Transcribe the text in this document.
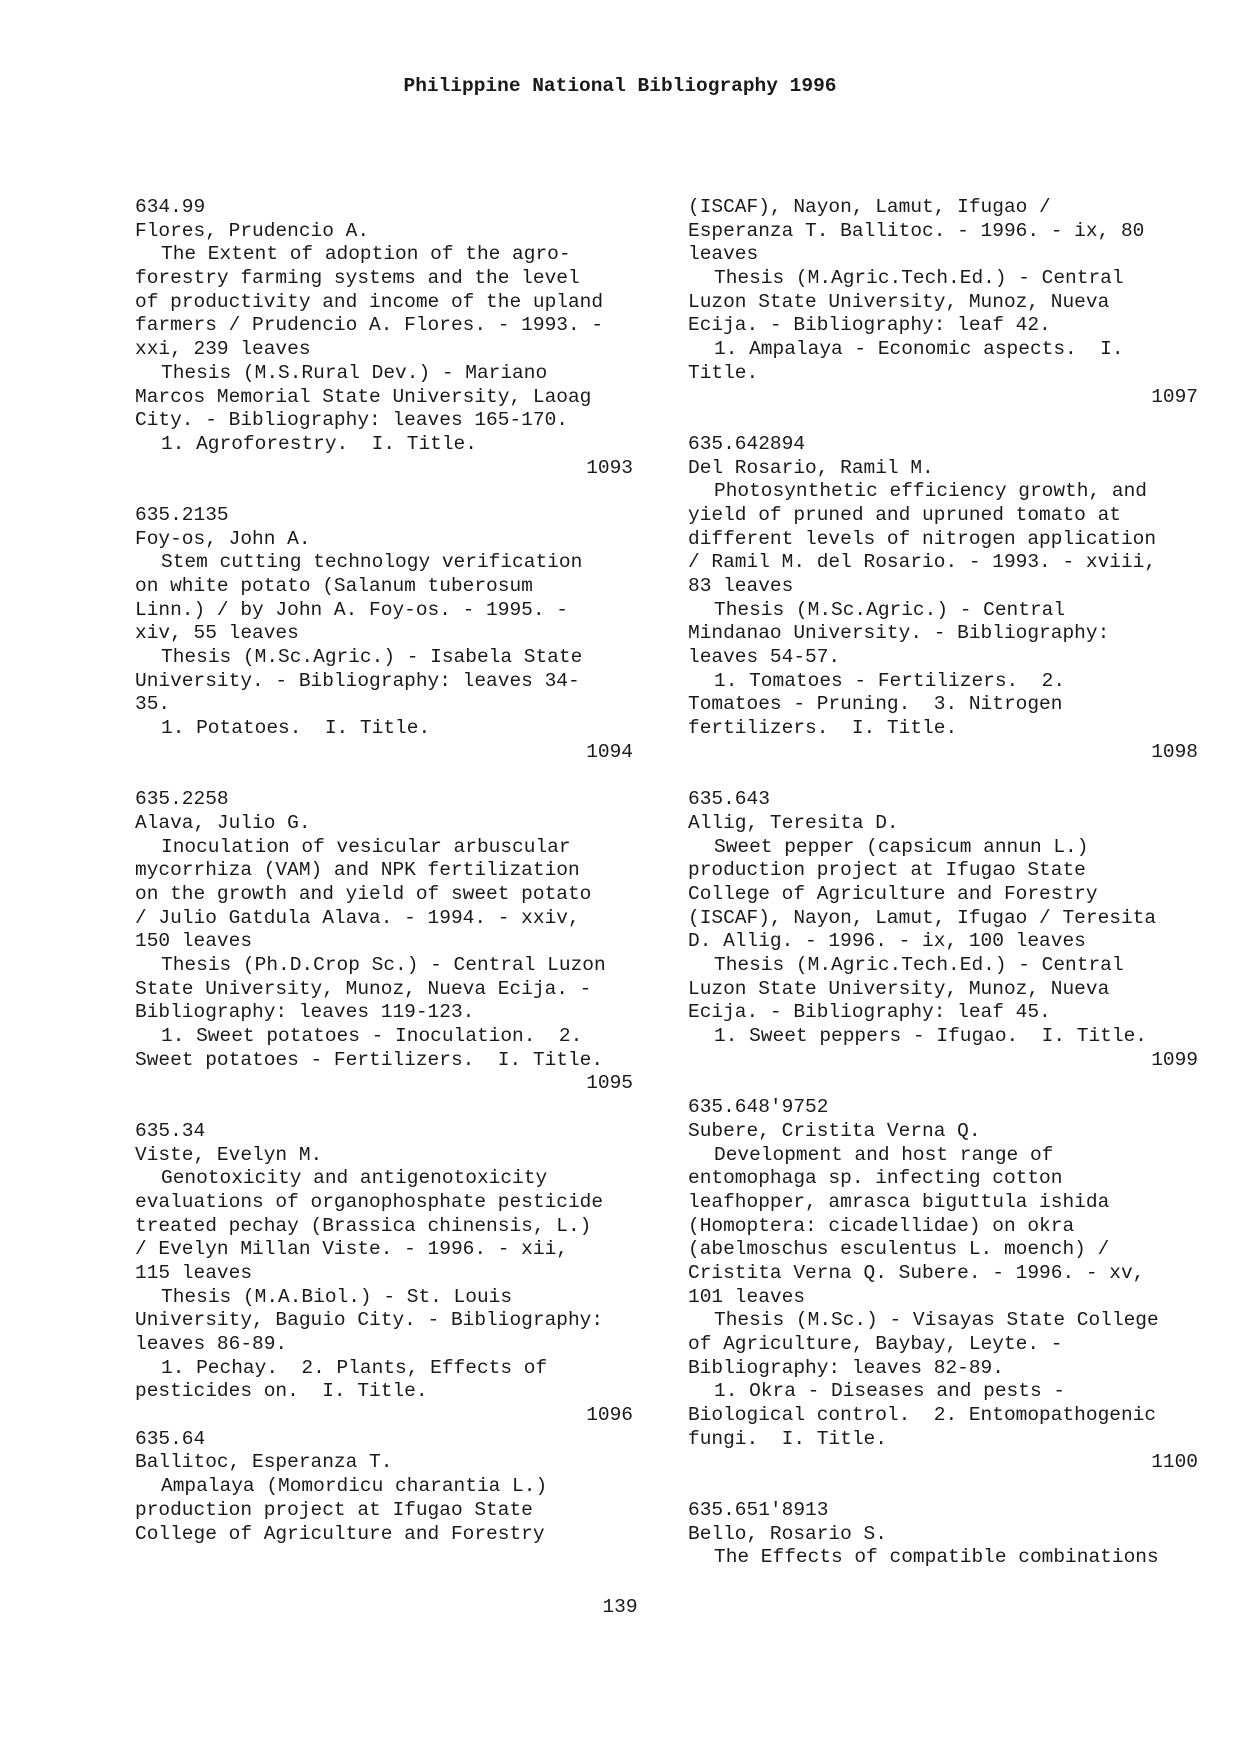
Philippine National Bibliography 1996
634.99
Flores, Prudencio A.
The Extent of adoption of the agro-
forestry farming systems and the level
of productivity and income of the upland
farmers / Prudencio A. Flores. - 1993. -
xxi, 239 leaves
Thesis (M.S.Rural Dev.) - Mariano
Marcos Memorial State University, Laoag
City. - Bibliography: leaves 165-170.
1. Agroforestry.  I. Title.
1093
635.2135
Foy-os, John A.
Stem cutting technology verification
on white potato (Salanum tuberosum
Linn.) / by John A. Foy-os. - 1995. -
xiv, 55 leaves
Thesis (M.Sc.Agric.) - Isabela State
University. - Bibliography: leaves 34-
35.
1. Potatoes.  I. Title.
1094
635.2258
Alava, Julio G.
Inoculation of vesicular arbuscular
mycorrhiza (VAM) and NPK fertilization
on the growth and yield of sweet potato
/ Julio Gatdula Alava. - 1994. - xxiv,
150 leaves
Thesis (Ph.D.Crop Sc.) - Central Luzon
State University, Munoz, Nueva Ecija. -
Bibliography: leaves 119-123.
1. Sweet potatoes - Inoculation.  2.
Sweet potatoes - Fertilizers.  I. Title.
1095
635.34
Viste, Evelyn M.
Genotoxicity and antigenotoxicity
evaluations of organophosphate pesticide
treated pechay (Brassica chinensis, L.)
/ Evelyn Millan Viste. - 1996. - xii,
115 leaves
Thesis (M.A.Biol.) - St. Louis
University, Baguio City. - Bibliography:
leaves 86-89.
1. Pechay.  2. Plants, Effects of
pesticides on.  I. Title.
1096
635.64
Ballitoc, Esperanza T.
Ampalaya (Momordicu charantia L.)
production project at Ifugao State
College of Agriculture and Forestry
(ISCAF), Nayon, Lamut, Ifugao /
Esperanza T. Ballitoc. - 1996. - ix, 80
leaves
Thesis (M.Agric.Tech.Ed.) - Central
Luzon State University, Munoz, Nueva
Ecija. - Bibliography: leaf 42.
1. Ampalaya - Economic aspects.  I.
Title.
1097
635.642894
Del Rosario, Ramil M.
Photosynthetic efficiency growth, and
yield of pruned and upruned tomato at
different levels of nitrogen application
/ Ramil M. del Rosario. - 1993. - xviii,
83 leaves
Thesis (M.Sc.Agric.) - Central
Mindanao University. - Bibliography:
leaves 54-57.
1. Tomatoes - Fertilizers.  2.
Tomatoes - Pruning.  3. Nitrogen
fertilizers.  I. Title.
1098
635.643
Allig, Teresita D.
Sweet pepper (capsicum annun L.)
production project at Ifugao State
College of Agriculture and Forestry
(ISCAF), Nayon, Lamut, Ifugao / Teresita
D. Allig. - 1996. - ix, 100 leaves
Thesis (M.Agric.Tech.Ed.) - Central
Luzon State University, Munoz, Nueva
Ecija. - Bibliography: leaf 45.
1. Sweet peppers - Ifugao.  I. Title.
1099
635.648'9752
Subere, Cristita Verna Q.
Development and host range of
entomophaga sp. infecting cotton
leafhopper, amrasca biguttula ishida
(Homoptera: cicadellidae) on okra
(abelmoschus esculentus L. moench) /
Cristita Verna Q. Subere. - 1996. - xv,
101 leaves
Thesis (M.Sc.) - Visayas State College
of Agriculture, Baybay, Leyte. -
Bibliography: leaves 82-89.
1. Okra - Diseases and pests -
Biological control.  2. Entomopathogenic
fungi.  I. Title.
1100
635.651'8913
Bello, Rosario S.
The Effects of compatible combinations
139
